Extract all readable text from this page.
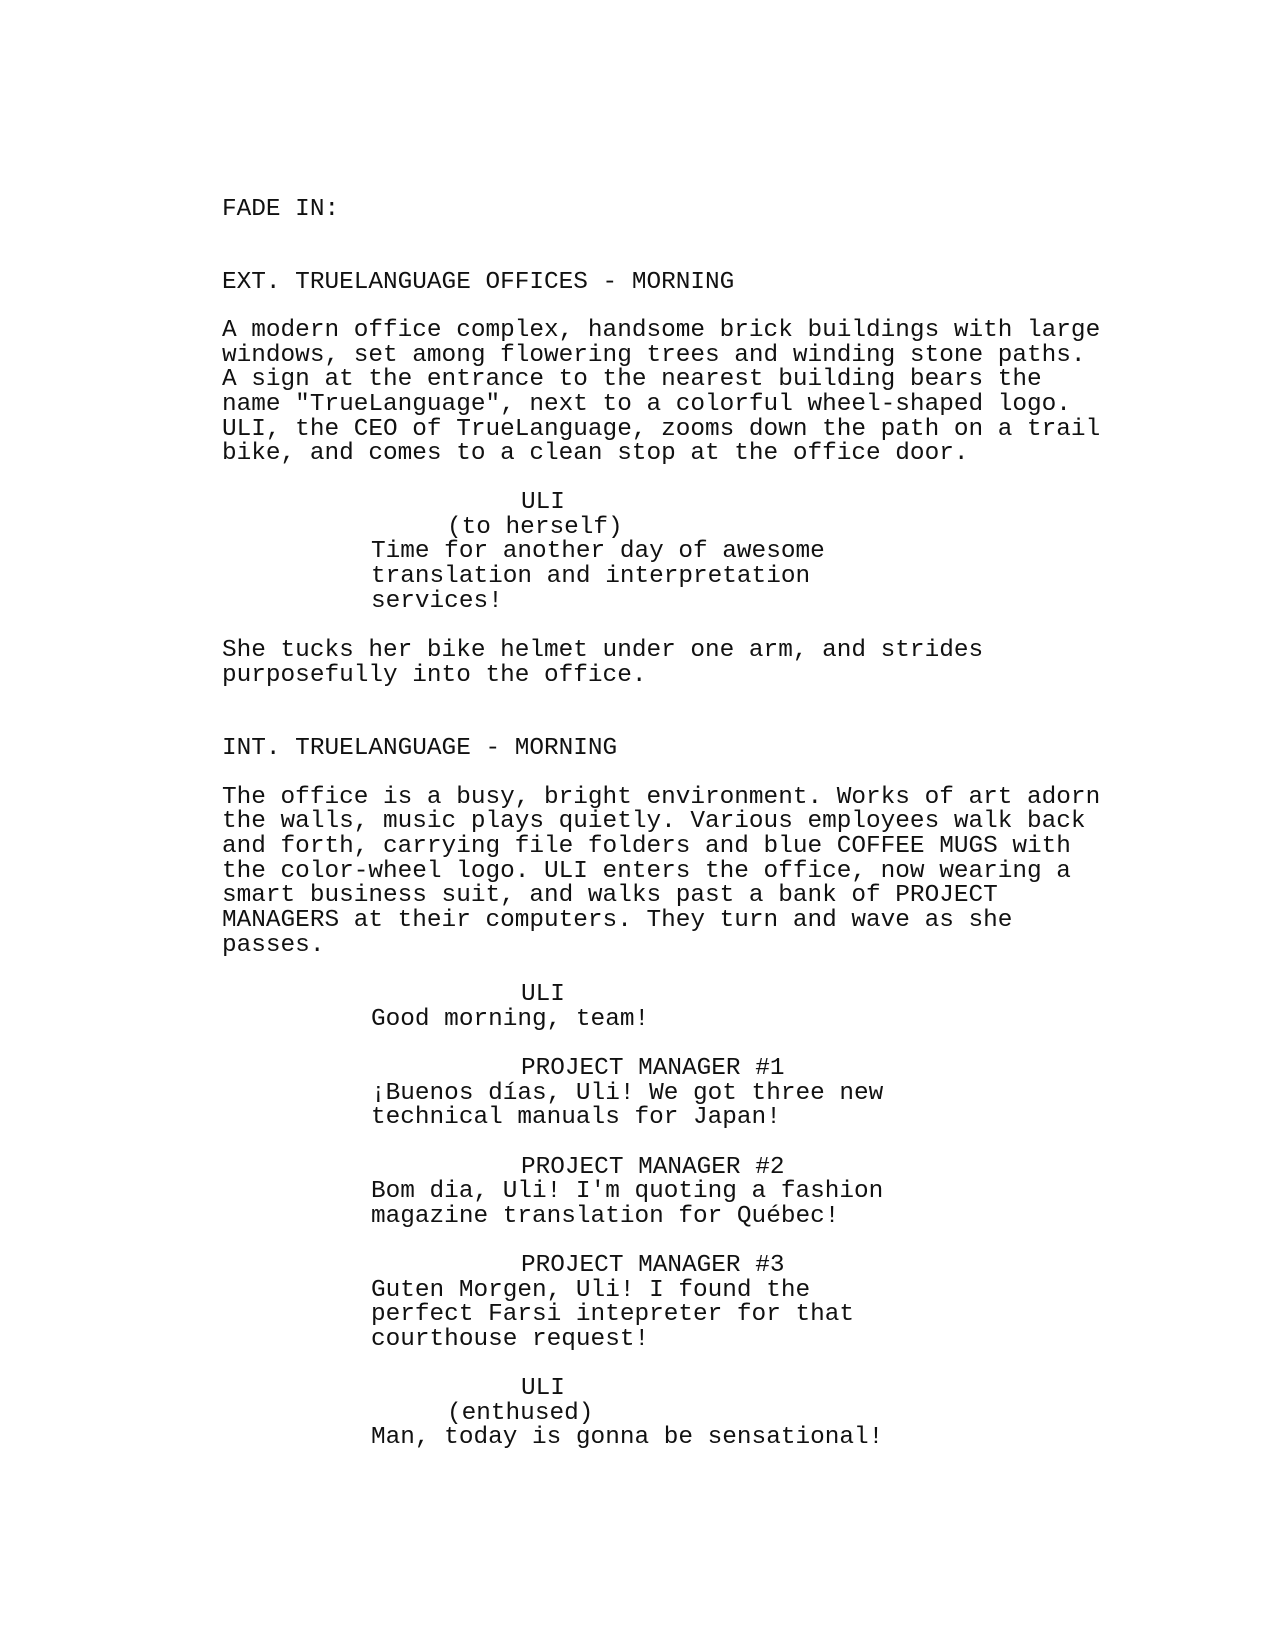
FADE IN:
EXT. TRUELANGUAGE OFFICES - MORNING
A modern office complex, handsome brick buildings with large
windows, set among flowering trees and winding stone paths.
A sign at the entrance to the nearest building bears the
name "TrueLanguage", next to a colorful wheel-shaped logo.
ULI, the CEO of TrueLanguage, zooms down the path on a trail
bike, and comes to a clean stop at the office door.
ULI
(to herself)
Time for another day of awesome
translation and interpretation
services!
She tucks her bike helmet under one arm, and strides
purposefully into the office.
INT. TRUELANGUAGE - MORNING
The office is a busy, bright environment. Works of art adorn
the walls, music plays quietly. Various employees walk back
and forth, carrying file folders and blue COFFEE MUGS with
the color-wheel logo. ULI enters the office, now wearing a
smart business suit, and walks past a bank of PROJECT
MANAGERS at their computers. They turn and wave as she
passes.
ULI
Good morning, team!
PROJECT MANAGER #1
¡Buenos días, Uli! We got three new
technical manuals for Japan!
PROJECT MANAGER #2
Bom dia, Uli! I'm quoting a fashion
magazine translation for Québec!
PROJECT MANAGER #3
Guten Morgen, Uli! I found the
perfect Farsi intepreter for that
courthouse request!
ULI
(enthused)
Man, today is gonna be sensational!
